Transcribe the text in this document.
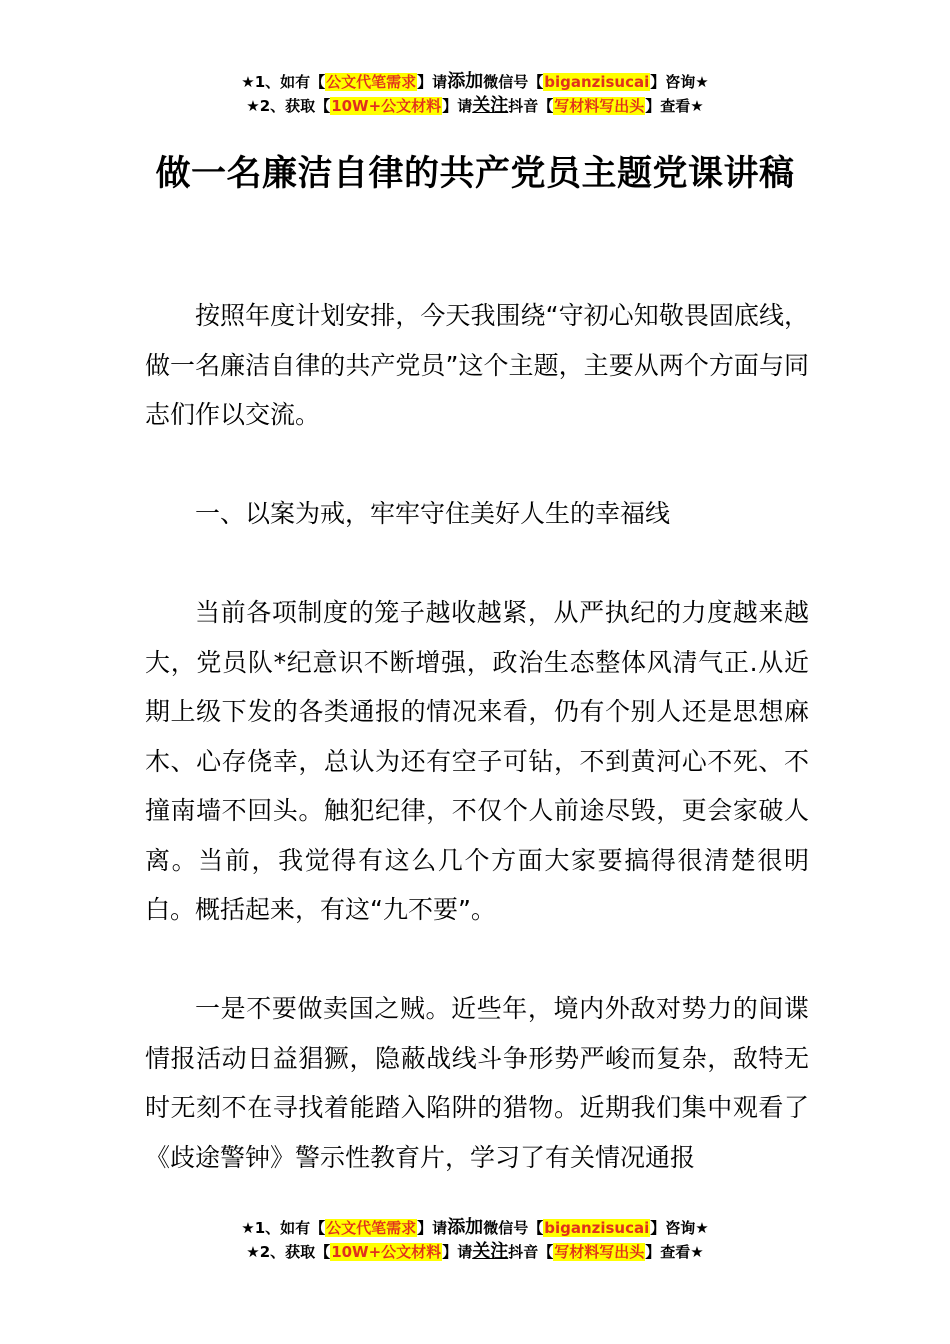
★1、如有【公文代笔需求】请添加微信号【biganzisucai】咨询★
★2、获取【10W+公文材料】请关注抖音【写材料写出头】查看★
做一名廉洁自律的共产党员主题党课讲稿

按照年度计划安排，今天我围绕“守初心知敬畏固底线，做一名廉洁自律的共产党员”这个主题，主要从两个方面与同志们作以交流。

一、以案为戒，牢牢守住美好人生的幸福线

当前各项制度的笼子越收越紧，从严执纪的力度越来越大，党员队*纪意识不断增强，政治生态整体风清气正.从近期上级下发的各类通报的情况来看，仍有个别人还是思想麻木、心存侥幸，总认为还有空子可钻，不到黄河心不死、不撞南墙不回头。触犯纪律，不仅个人前途尽毁，更会家破人离。当前，我觉得有这么几个方面大家要搞得很清楚很明白。概括起来，有这“九不要”。

一是不要做卖国之贼。近些年，境内外敌对势力的间谍情报活动日益猖獗，隐蔽战线斗争形势严峻而复杂，敌特无时无刻不在寻找着能踏入陷阱的猎物。近期我们集中观看了《歧途警钟》警示性教育片，学习了有关情况通报

★1、如有【公文代笔需求】请添加微信号【biganzisucai】咨询★
★2、获取【10W+公文材料】请关注抖音【写材料写出头】查看★
